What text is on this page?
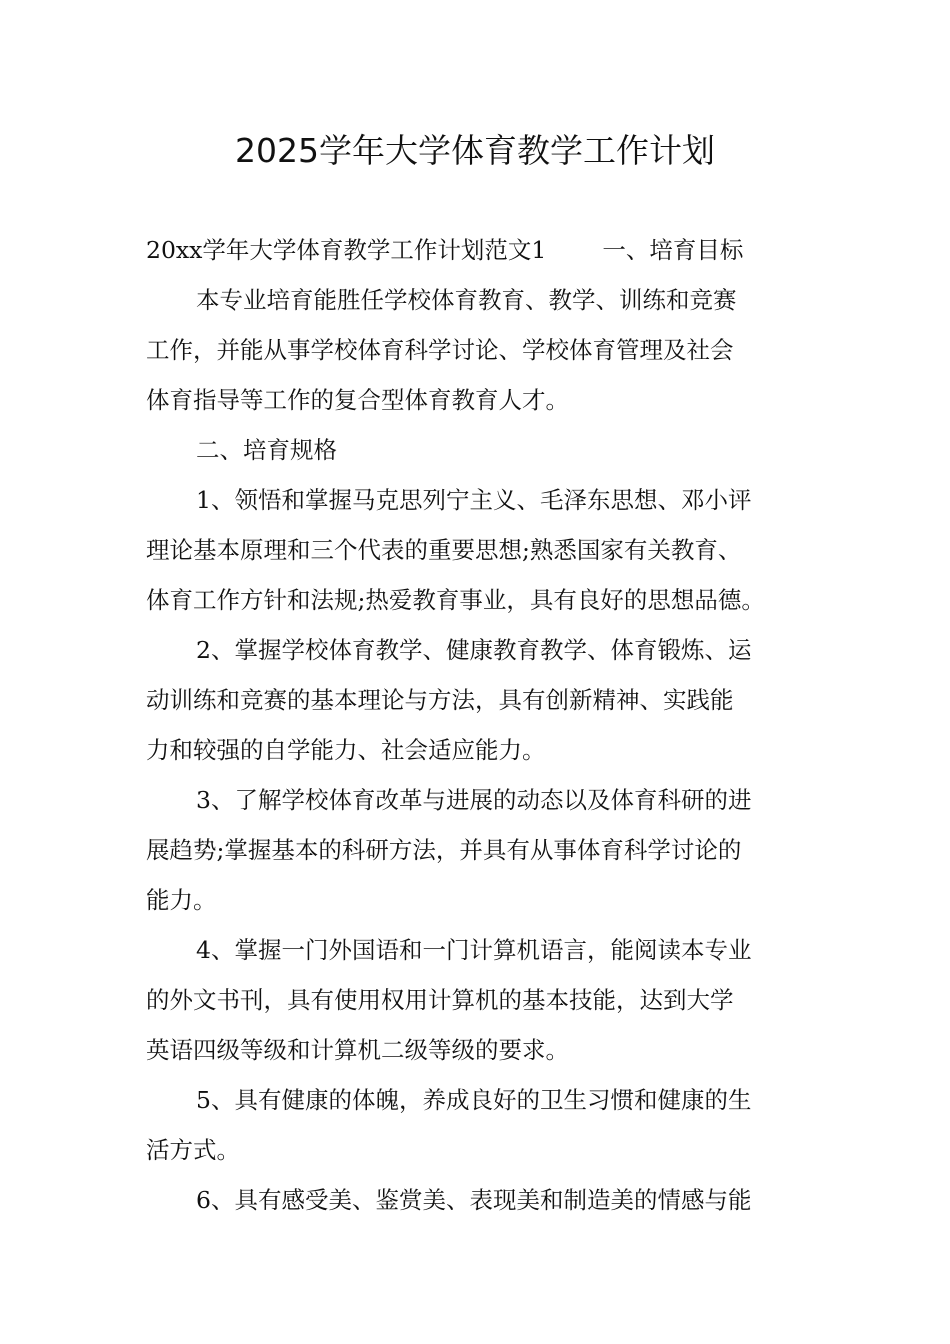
2025学年大学体育教学工作计划
20xx学年大学体育教学工作计划范文1 一、培育目标
本专业培育能胜任学校体育教育、教学、训练和竞赛
工作，并能从事学校体育科学讨论、学校体育管理及社会
体育指导等工作的复合型体育教育人才。
二、培育规格
1、领悟和掌握马克思列宁主义、毛泽东思想、邓小评
理论基本原理和三个代表的重要思想;熟悉国家有关教育、
体育工作方针和法规;热爱教育事业，具有良好的思想品德。
2、掌握学校体育教学、健康教育教学、体育锻炼、运
动训练和竞赛的基本理论与方法，具有创新精神、实践能
力和较强的自学能力、社会适应能力。
3、了解学校体育改革与进展的动态以及体育科研的进
展趋势;掌握基本的科研方法，并具有从事体育科学讨论的
能力。
4、掌握一门外国语和一门计算机语言，能阅读本专业
的外文书刊，具有使用权用计算机的基本技能，达到大学
英语四级等级和计算机二级等级的要求。
5、具有健康的体魄，养成良好的卫生习惯和健康的生
活方式。
6、具有感受美、鉴赏美、表现美和制造美的情感与能
